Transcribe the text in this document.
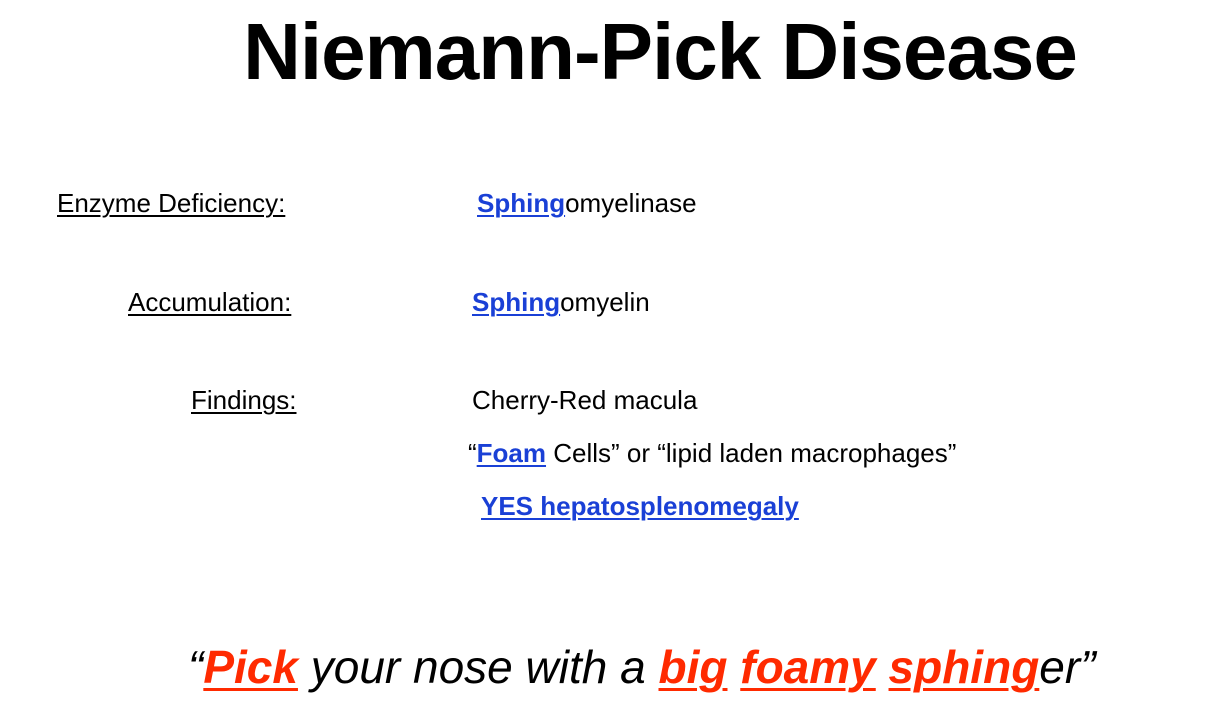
Niemann-Pick Disease
Enzyme Deficiency:	Sphingomyelinase
Accumulation:	Sphingomyelin
Findings:	Cherry-Red macula
“Foam Cells” or “lipid laden macrophages”
YES hepatosplenomegaly
“Pick your nose with a big foamy sphinger”
